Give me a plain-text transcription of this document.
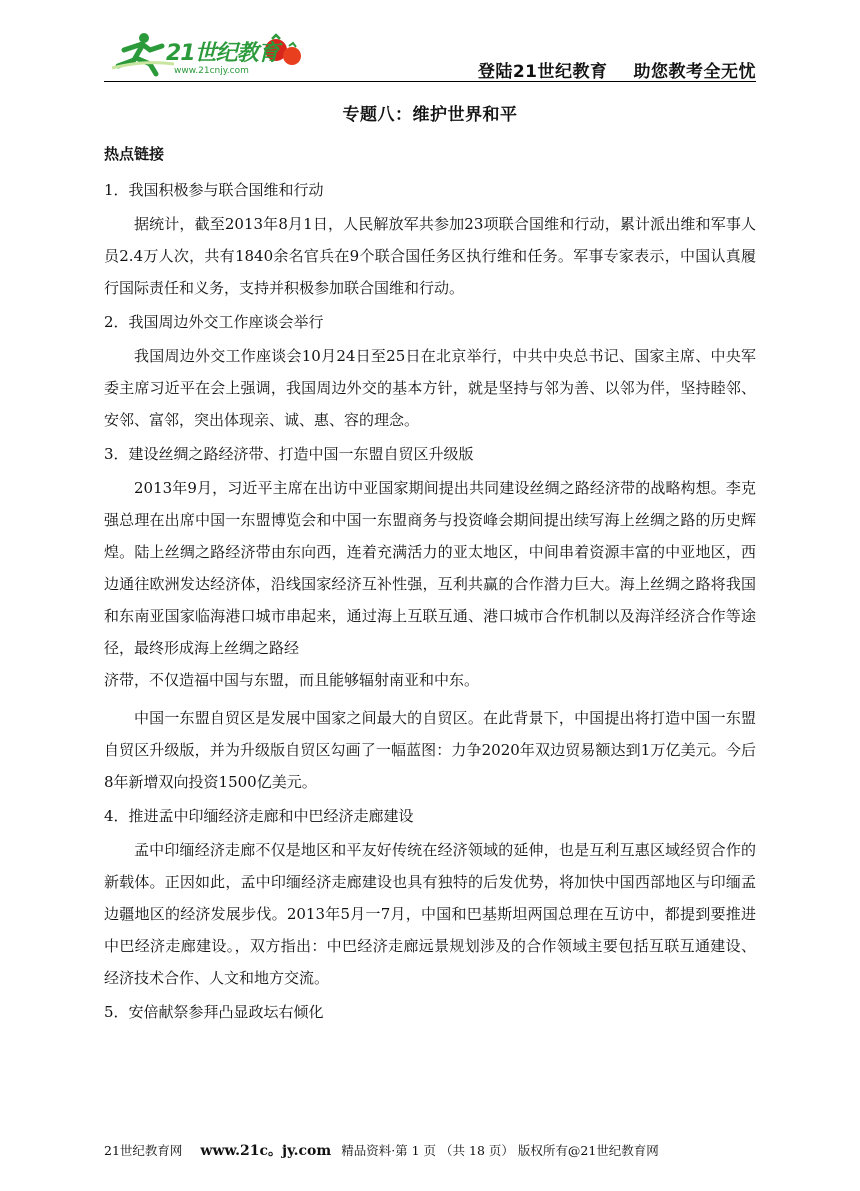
21世纪教育
www.21cnjy.com	登陆21世纪教育 助您教考全无忧
专题八：维护世界和平
热点链接
1．我国积极参与联合国维和行动

据统计，截至2013年8月1日，人民解放军共参加23项联合国维和行动，累计派出维和军事人员2.4万人次，共有1840余名官兵在9个联合国任务区执行维和任务。军事专家表示，中国认真履行国际责任和义务，支持并积极参加联合国维和行动。

2．我国周边外交工作座谈会举行

我国周边外交工作座谈会10月24日至25日在北京举行，中共中央总书记、国家主席、中央军委主席习近平在会上强调，我国周边外交的基本方针，就是坚持与邻为善、以邻为伴，坚持睦邻、安邻、富邻，突出体现亲、诚、惠、容的理念。

3．建设丝绸之路经济带、打造中国一东盟自贸区升级版

2013年9月，习近平主席在出访中亚国家期间提出共同建设丝绸之路经济带的战略构想。李克强总理在出席中国一东盟博览会和中国一东盟商务与投资峰会期间提出续写海上丝绸之路的历史辉煌。陆上丝绸之路经济带由东向西，连着充满活力的亚太地区，中间串着资源丰富的中亚地区，西边通往欧洲发达经济体，沿线国家经济互补性强，互利共赢的合作潜力巨大。海上丝绸之路将我国和东南亚国家临海港口城市串起来，通过海上互联互通、港口城市合作机制以及海洋经济合作等途径，最终形成海上丝绸之路经

济带，不仅造福中国与东盟，而且能够辐射南亚和中东。

中国一东盟自贸区是发展中国家之间最大的自贸区。在此背景下，中国提出将打造中国一东盟自贸区升级版，并为升级版自贸区勾画了一幅蓝图：力争2020年双边贸易额达到1万亿美元。今后8年新增双向投资1500亿美元。

4．推进孟中印缅经济走廊和中巴经济走廊建设

孟中印缅经济走廊不仅是地区和平友好传统在经济领域的延伸，也是互利互惠区域经贸合作的新载体。正因如此，孟中印缅经济走廊建设也具有独特的后发优势，将加快中国西部地区与印缅孟边疆地区的经济发展步伐。2013年5月一7月，中国和巴基斯坦两国总理在互访中，都提到要推进中巴经济走廊建设。，双方指出：中巴经济走廊远景规划涉及的合作领域主要包括互联互通建设、经济技术合作、人文和地方交流。

5．安倍献祭参拜凸显政坛右倾化
21世纪教育网 www.21c。jy.com 精品资料·第 1 页 （共 18 页） 版权所有@21世纪教育网
